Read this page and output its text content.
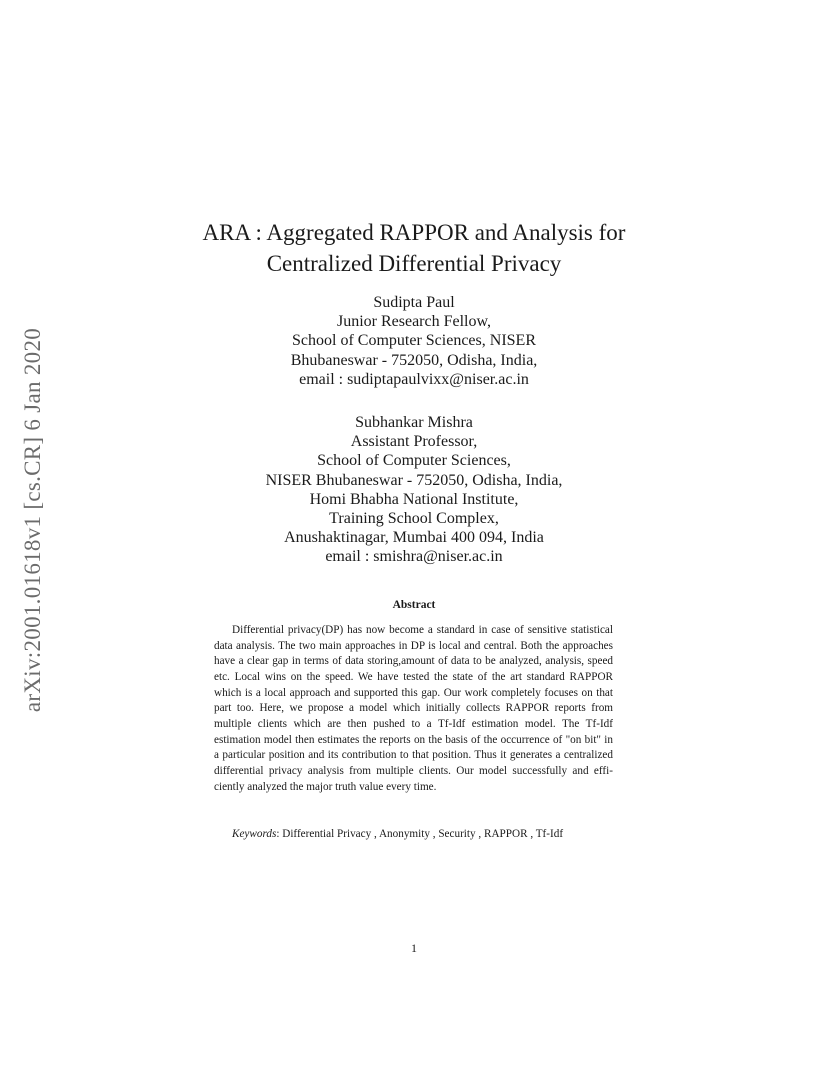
arXiv:2001.01618v1 [cs.CR] 6 Jan 2020
ARA : Aggregated RAPPOR and Analysis for
Centralized Differential Privacy
Sudipta Paul
Junior Research Fellow,
School of Computer Sciences, NISER
Bhubaneswar - 752050, Odisha, India,
email : sudiptapaulvixx@niser.ac.in
Subhankar Mishra
Assistant Professor,
School of Computer Sciences,
NISER Bhubaneswar - 752050, Odisha, India,
Homi Bhabha National Institute,
Training School Complex,
Anushaktinagar, Mumbai 400 094, India
email : smishra@niser.ac.in
Abstract

Differential privacy(DP) has now become a standard in case of sensitive statistical data analysis. The two main approaches in DP is local and central. Both the approaches have a clear gap in terms of data storing,amount of data to be analyzed, analysis, speed etc. Local wins on the speed. We have tested the state of the art standard RAPPOR which is a local approach and supported this gap. Our work completely focuses on that part too. Here, we propose a model which initially collects RAPPOR reports from multiple clients which are then pushed to a Tf-Idf estimation model. The Tf-Idf estimation model then estimates the reports on the basis of the occurrence of "on bit" in a particular position and its contribution to that position. Thus it generates a centralized differential privacy analysis from multiple clients. Our model successfully and efficiently analyzed the major truth value every time.

Keywords: Differential Privacy , Anonymity , Security , RAPPOR , Tf-Idf

1
